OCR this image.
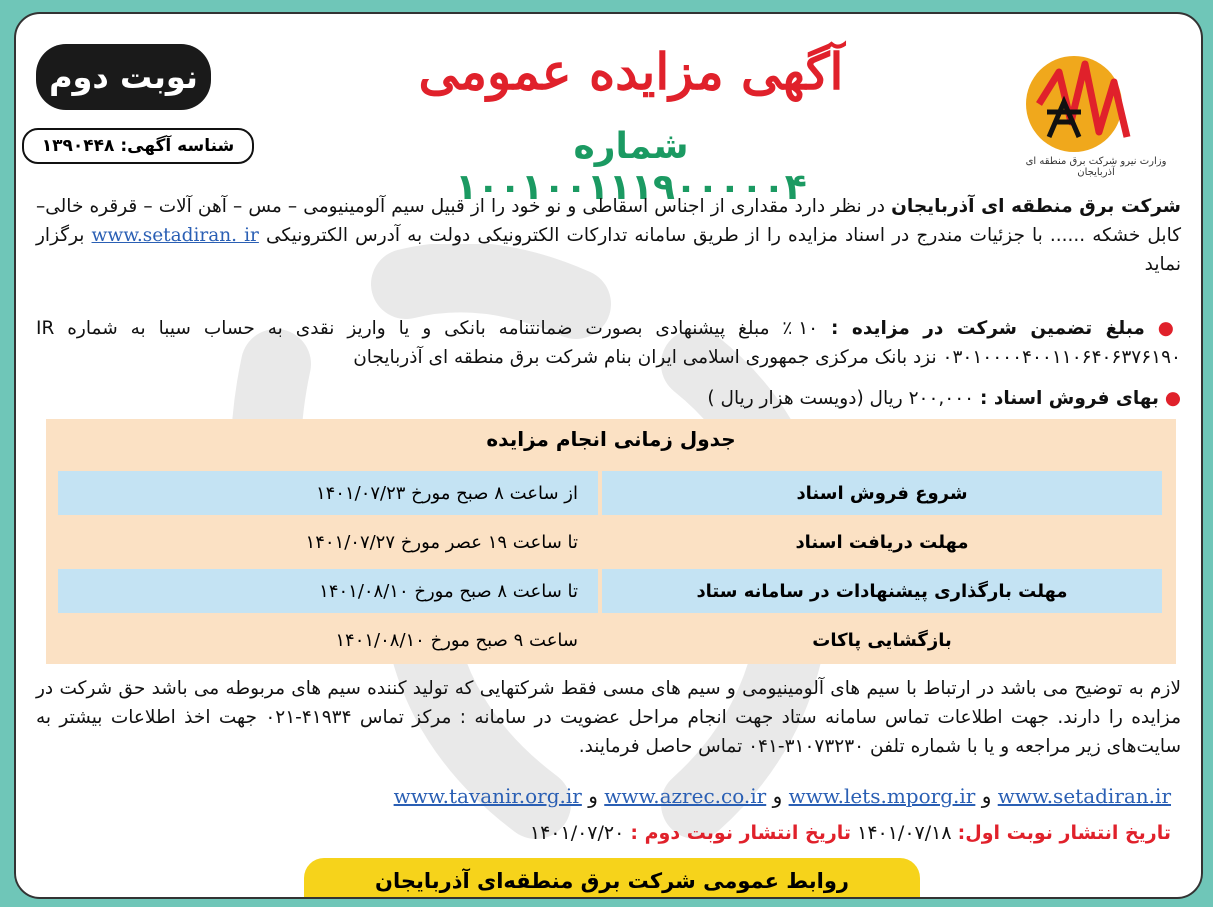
وزارت نیرو شرکت برق منطقه ای آذربایجان
آگهی مزایده عمومی
شماره ۱۰۰۱۰۰۱۱۱۹۰۰۰۰۰۴
نوبت دوم
شناسه آگهی: ۱۳۹۰۴۴۸
شرکت برق منطقه ای آذربایجان در نظر دارد مقداری از اجناس اسقاطی و نو خود را از قبیل سیم آلومینیومی – مس – آهن آلات – قرقره خالی– کابل خشکه ...... با جزئیات مندرج در اسناد مزایده را از طریق سامانه تدارکات الکترونیکی دولت به آدرس الکترونیکی www.setadiran. ir برگزار نماید
● مبلغ تضمین شرکت در مزایده : ۱۰ ٪ مبلغ پیشنهادی بصورت ضمانتنامه بانکی و یا واریز نقدی به حساب سیبا به شماره IR ۰۳۰۱۰۰۰۰۴۰۰۱۱۰۶۴۰۶۳۷۶۱۹۰ نزد بانک مرکزی جمهوری اسلامی ایران بنام شرکت برق منطقه ای آذربایجان
● بهای فروش اسناد : ۲۰۰,۰۰۰ ریال (دویست هزار ریال )
جدول زمانی انجام مزایده
شروع فروش اسناد
از ساعت ۸ صبح مورخ ۱۴۰۱/۰۷/۲۳
مهلت دریافت اسناد
تا ساعت ۱۹ عصر مورخ ۱۴۰۱/۰۷/۲۷
مهلت بارگذاری پیشنهادات در سامانه ستاد
تا ساعت ۸ صبح مورخ ۱۴۰۱/۰۸/۱۰
بازگشایی پاکات
ساعت ۹ صبح مورخ ۱۴۰۱/۰۸/۱۰
لازم به توضیح می باشد در ارتباط با سیم های آلومینیومی و سیم های مسی فقط شرکتهایی که تولید کننده سیم های مربوطه می باشد حق شرکت در مزایده را دارند. جهت اطلاعات تماس سامانه ستاد جهت انجام مراحل عضویت در سامانه : مرکز تماس ۴۱۹۳۴-۰۲۱ جهت اخذ اطلاعات بیشتر به سایت‌های زیر مراجعه و یا با شماره تلفن ۳۱۰۷۳۲۳۰-۰۴۱ تماس حاصل فرمایند.
www.setadiran.ir و www.lets.mporg.ir و www.azrec.co.ir و www.tavanir.org.ir
تاریخ انتشار نوبت اول: ۱۴۰۱/۰۷/۱۸ تاریخ انتشار نوبت دوم : ۱۴۰۱/۰۷/۲۰
روابط عمومی شرکت برق منطقه‌ای آذربایجان
